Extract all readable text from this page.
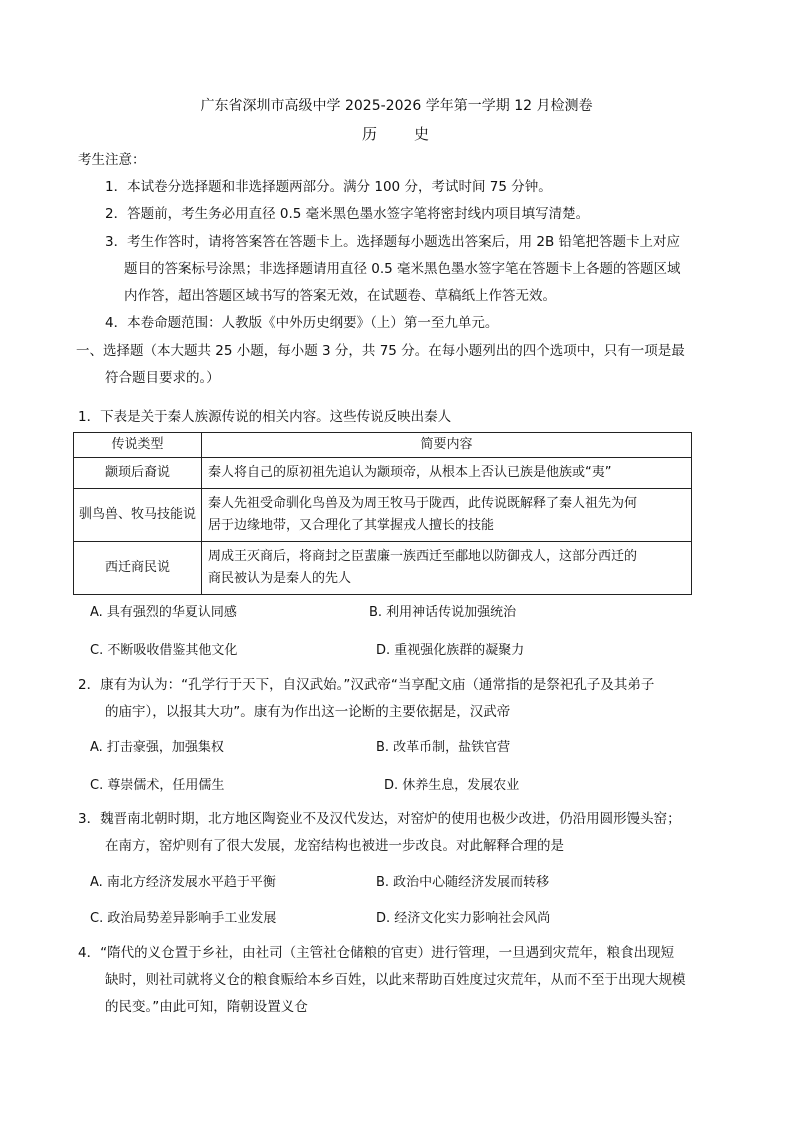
广东省深圳市高级中学 2025-2026 学年第一学期 12 月检测卷
历 史
考生注意：
1．本试卷分选择题和非选择题两部分。满分 100 分，考试时间 75 分钟。
2．答题前，考生务必用直径 0.5 毫米黑色墨水签字笔将密封线内项目填写清楚。
3．考生作答时，请将答案答在答题卡上。选择题每小题选出答案后，用 2B 铅笔把答题卡上对应
题目的答案标号涂黑；非选择题请用直径 0.5 毫米黑色墨水签字笔在答题卡上各题的答题区域
内作答，超出答题区域书写的答案无效，在试题卷、草稿纸上作答无效。
4．本卷命题范围：人教版《中外历史纲要》（上）第一至九单元。
一、选择题（本大题共 25 小题，每小题 3 分，共 75 分。在每小题列出的四个选项中，只有一项是最
符合题目要求的。）
1．下表是关于秦人族源传说的相关内容。这些传说反映出秦人
传说类型	简要内容
颛顼后裔说	秦人将自己的原初祖先追认为颛顼帝，从根本上否认已族是他族或“夷”
驯鸟兽、牧马技能说	秦人先祖受命驯化鸟兽及为周王牧马于陇西，此传说既解释了秦人祖先为何
居于边缘地带，又合理化了其掌握戎人擅长的技能

西迁商民说	周成王灭商后，将商封之臣蜚廉一族西迁至郙地以防御戎人，这部分西迁的
商民被认为是秦人的先人
A. 具有强烈的华夏认同感	B. 利用神话传说加强统治
C. 不断吸收借鉴其他文化	D. 重视强化族群的凝聚力
2．康有为认为：“孔学行于天下，自汉武始。”汉武帝“当享配文庙（通常指的是祭祀孔子及其弟子
的庙宇），以报其大功”。康有为作出这一论断的主要依据是，汉武帝
A. 打击豪强，加强集权	B. 改革币制，盐铁官营
C. 尊崇儒术，任用儒生	D. 休养生息，发展农业
3．魏晋南北朝时期，北方地区陶瓷业不及汉代发达，对窑炉的使用也极少改进，仍沿用圆形馒头窑；
在南方，窑炉则有了很大发展，龙窑结构也被进一步改良。对此解释合理的是
A. 南北方经济发展水平趋于平衡	B. 政治中心随经济发展而转移
C. 政治局势差异影响手工业发展	D. 经济文化实力影响社会风尚
4．“隋代的义仓置于乡社，由社司（主管社仓储粮的官吏）进行管理，一旦遇到灾荒年，粮食出现短
缺时，则社司就将义仓的粮食赈给本乡百姓，以此来帮助百姓度过灾荒年，从而不至于出现大规模
的民变。”由此可知，隋朝设置义仓
